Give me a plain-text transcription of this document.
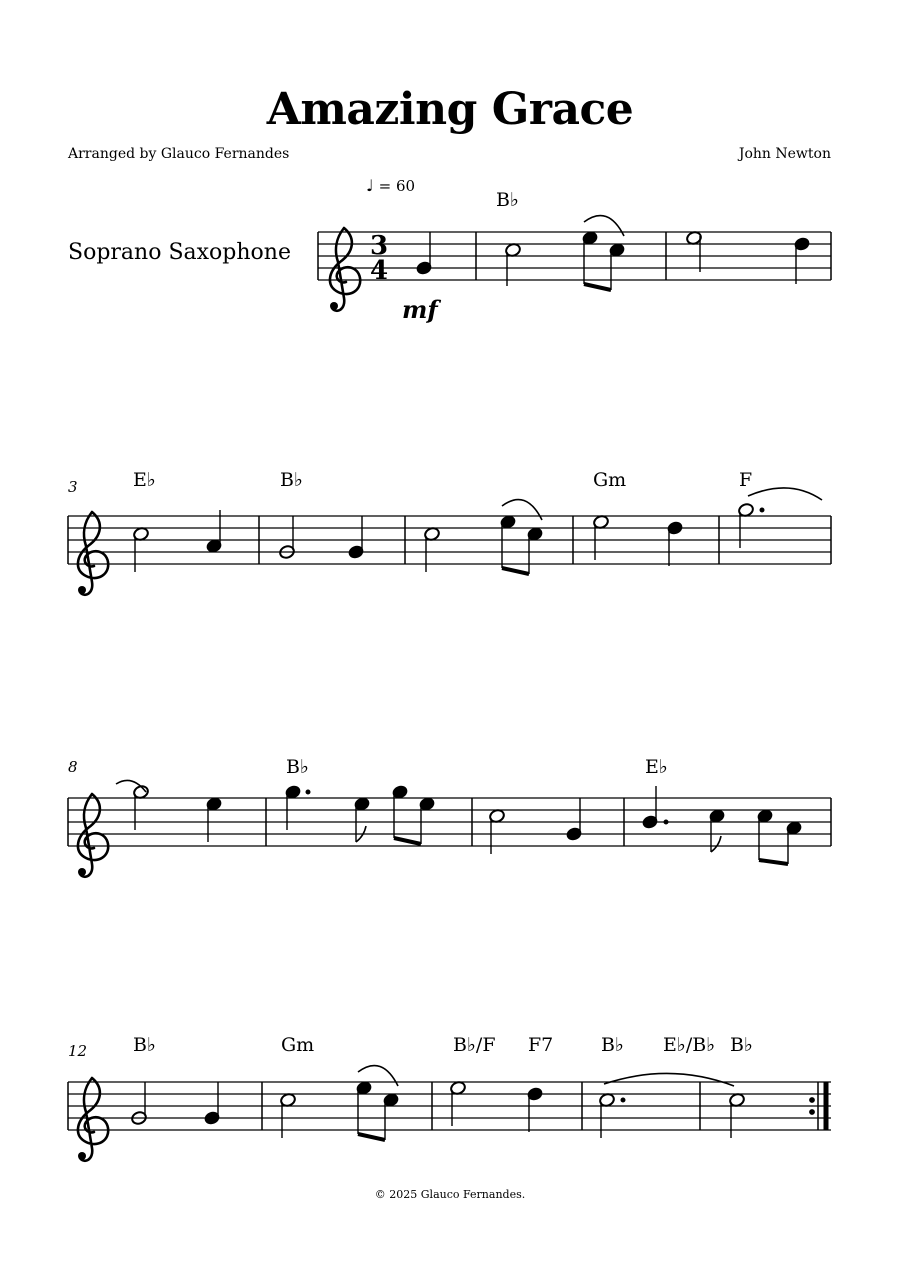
Amazing Grace
Arranged by Glauco Fernandes	John Newton
Soprano Saxophone
♩ = 60
B♭
E♭	B♭	Gm	F
B♭	E♭
B♭	Gm	B♭/F F7	B♭ E♭/B♭ B♭
3
8
12
© 2025 Glauco Fernandes.
3
4
mf
